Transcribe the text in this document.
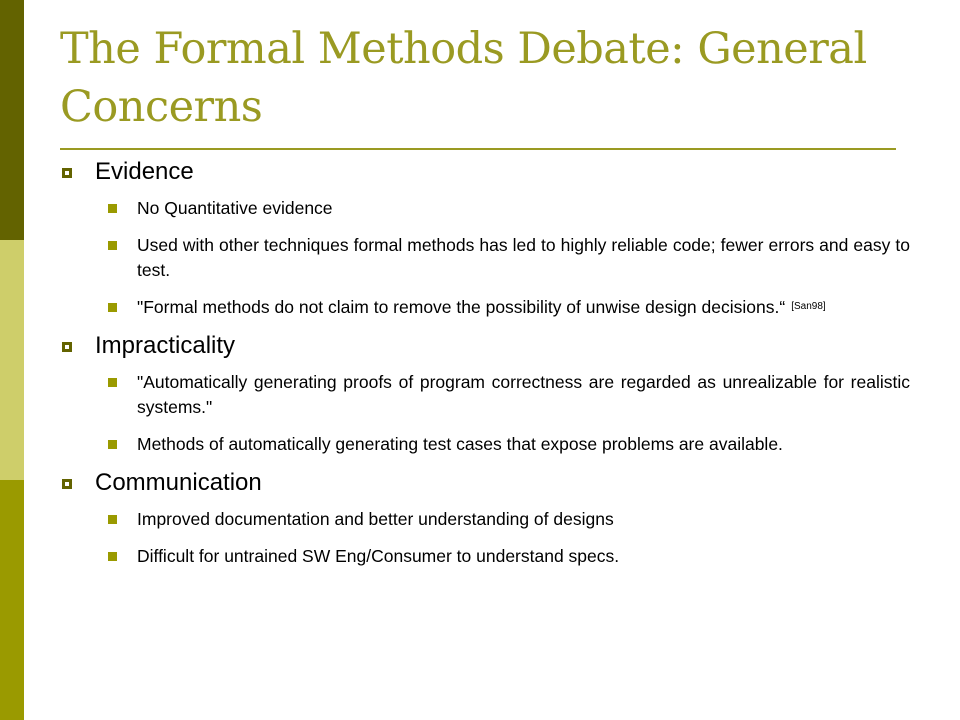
The Formal Methods Debate: General Concerns
Evidence
No Quantitative evidence
Used with other techniques formal methods has led to highly reliable code; fewer errors and easy to test.
"Formal methods do not claim to remove the possibility of unwise design decisions.“ [San98]
Impracticality
"Automatically generating proofs of program correctness are regarded as unrealizable for realistic systems."
Methods of automatically generating test cases that expose problems are available.
Communication
Improved documentation and better understanding of designs
Difficult for untrained SW Eng/Consumer to understand specs.
